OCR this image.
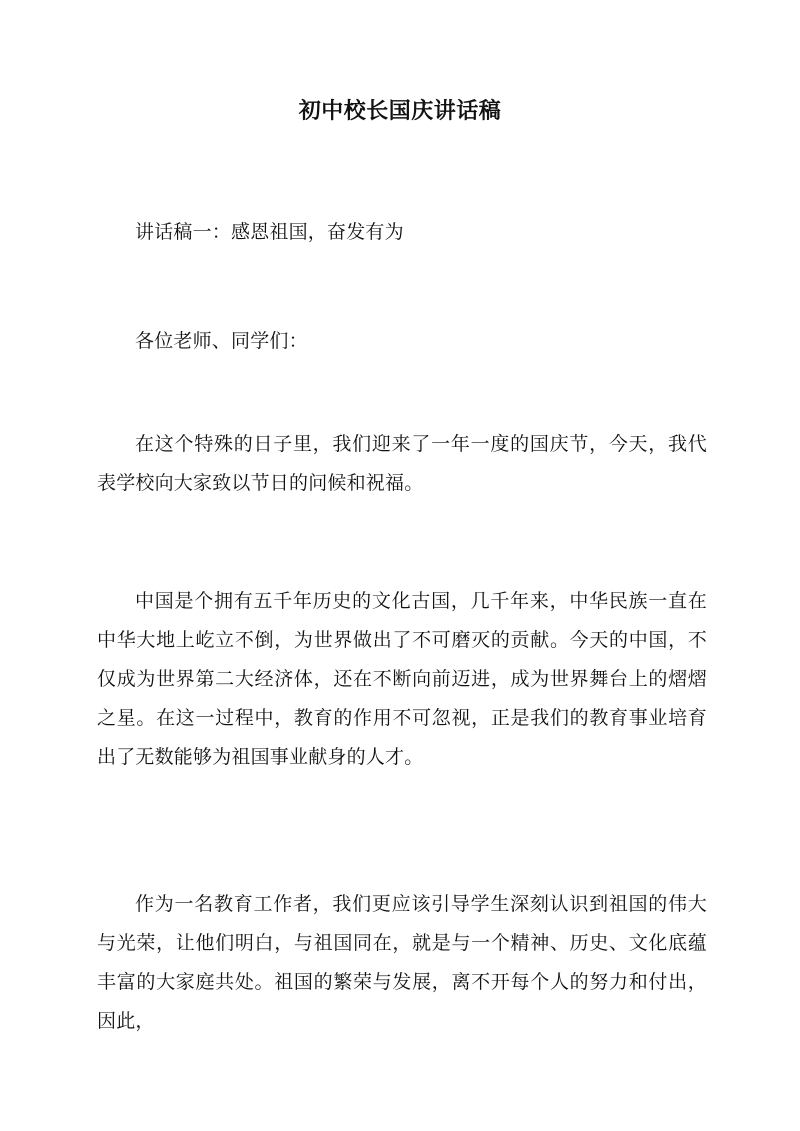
初中校长国庆讲话稿

讲话稿一：感恩祖国，奋发有为

各位老师、同学们：

在这个特殊的日子里，我们迎来了一年一度的国庆节，今天，我代表学校向大家致以节日的问候和祝福。

中国是个拥有五千年历史的文化古国，几千年来，中华民族一直在中华大地上屹立不倒，为世界做出了不可磨灭的贡献。今天的中国，不仅成为世界第二大经济体，还在不断向前迈进，成为世界舞台上的熠熠之星。在这一过程中，教育的作用不可忽视，正是我们的教育事业培育出了无数能够为祖国事业献身的人才。

作为一名教育工作者，我们更应该引导学生深刻认识到祖国的伟大与光荣，让他们明白，与祖国同在，就是与一个精神、历史、文化底蕴丰富的大家庭共处。祖国的繁荣与发展，离不开每个人的努力和付出，因此，
